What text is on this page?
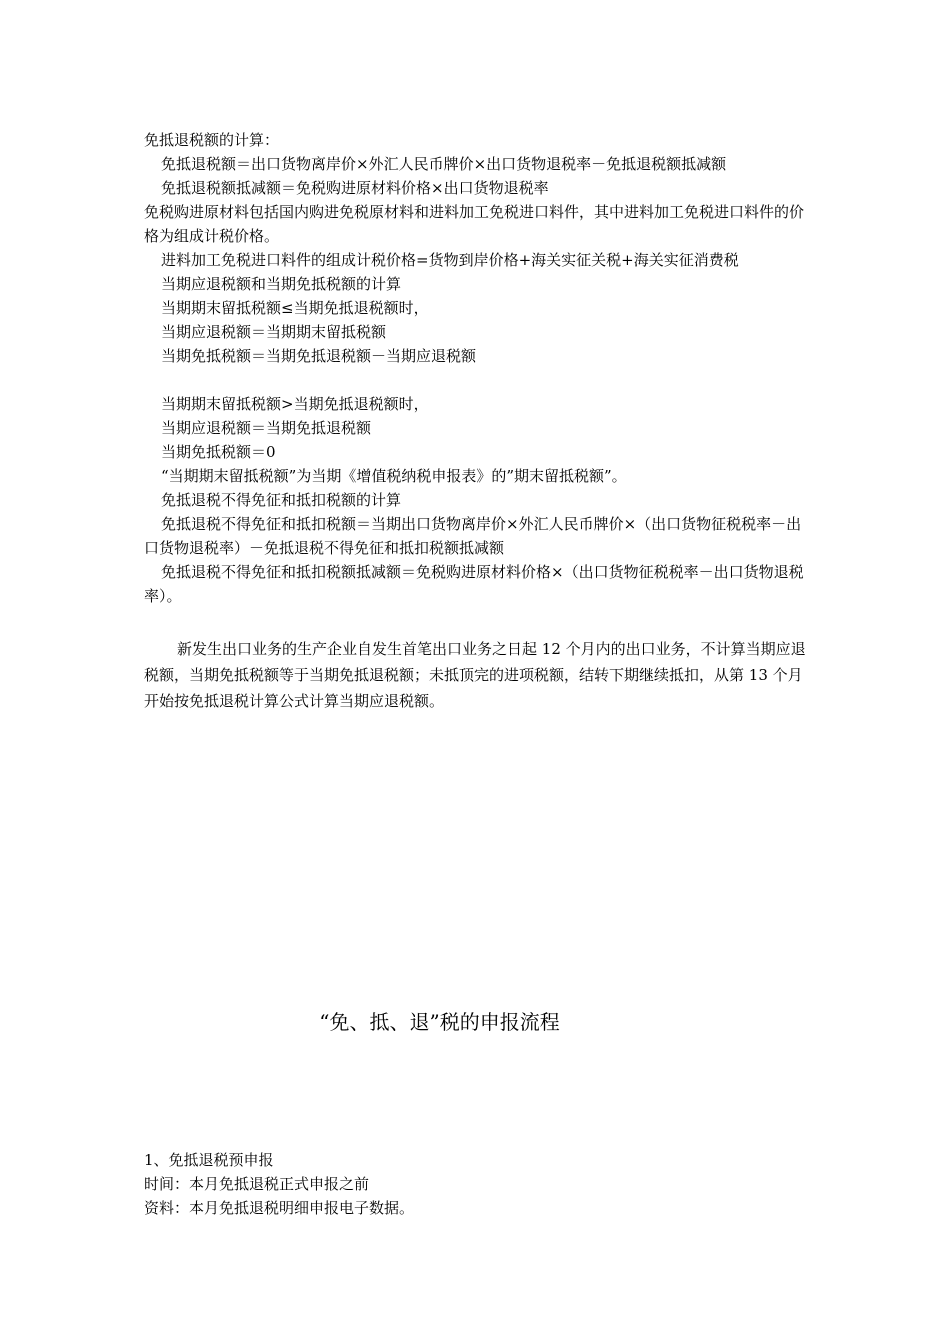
免抵退税额的计算：
免抵退税额＝出口货物离岸价×外汇人民币牌价×出口货物退税率－免抵退税额抵减额
免抵退税额抵减额＝免税购进原材料价格×出口货物退税率
免税购进原材料包括国内购进免税原材料和进料加工免税进口料件，其中进料加工免税进口料件的价格为组成计税价格。
进料加工免税进口料件的组成计税价格=货物到岸价格+海关实征关税+海关实征消费税
当期应退税额和当期免抵税额的计算
当期期末留抵税额≤当期免抵退税额时，
当期应退税额＝当期期末留抵税额
当期免抵税额＝当期免抵退税额－当期应退税额
当期期末留抵税额>当期免抵退税额时，
当期应退税额＝当期免抵退税额
当期免抵税额＝0
“当期期末留抵税额”为当期《增值税纳税申报表》的”期末留抵税额”。
免抵退税不得免征和抵扣税额的计算
免抵退税不得免征和抵扣税额＝当期出口货物离岸价×外汇人民币牌价×（出口货物征税税率－出口货物退税率）－免抵退税不得免征和抵扣税额抵减额
免抵退税不得免征和抵扣税额抵减额＝免税购进原材料价格×（出口货物征税税率－出口货物退税率）。
新发生出口业务的生产企业自发生首笔出口业务之日起 12 个月内的出口业务，不计算当期应退税额，当期免抵税额等于当期免抵退税额；未抵顶完的进项税额，结转下期继续抵扣，从第 13 个月开始按免抵退税计算公式计算当期应退税额。
“免、抵、退”税的申报流程
1、免抵退税预申报
时间：本月免抵退税正式申报之前
资料：本月免抵退税明细申报电子数据。
